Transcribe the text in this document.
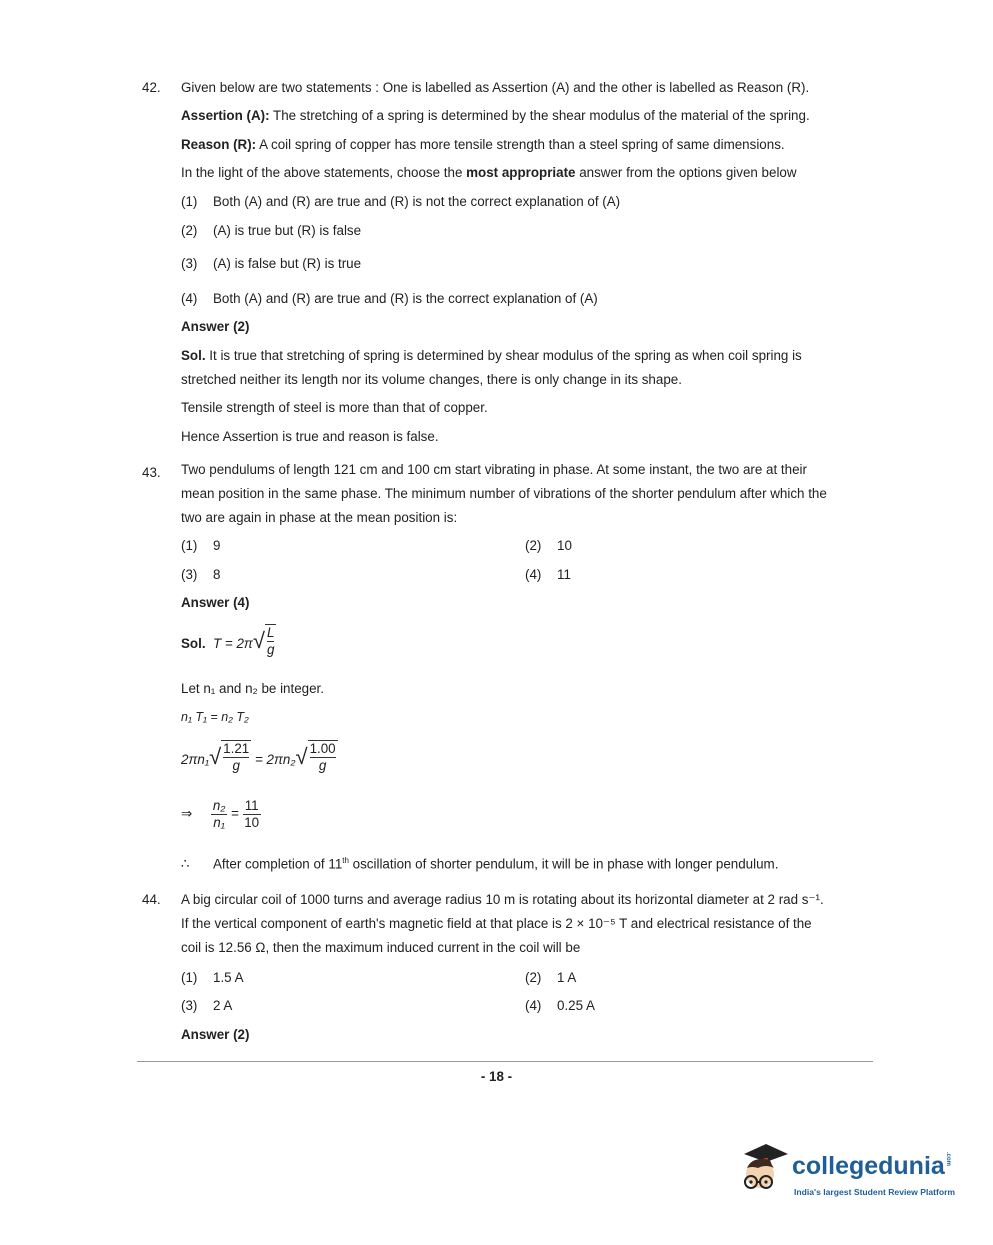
42. Given below are two statements : One is labelled as Assertion (A) and the other is labelled as Reason (R).
Assertion (A): The stretching of a spring is determined by the shear modulus of the material of the spring.
Reason (R): A coil spring of copper has more tensile strength than a steel spring of same dimensions.
In the light of the above statements, choose the most appropriate answer from the options given below
(1) Both (A) and (R) are true and (R) is not the correct explanation of (A)
(2) (A) is true but (R) is false
(3) (A) is false but (R) is true
(4) Both (A) and (R) are true and (R) is the correct explanation of (A)
Answer (2)
Sol. It is true that stretching of spring is determined by shear modulus of the spring as when coil spring is
stretched neither its length nor its volume changes, there is only change in its shape.
Tensile strength of steel is more than that of copper.
Hence Assertion is true and reason is false.
43. Two pendulums of length 121 cm and 100 cm start vibrating in phase. At some instant, the two are at their
mean position in the same phase. The minimum number of vibrations of the shorter pendulum after which the
two are again in phase at the mean position is:
(1) 9	(2) 10
(3) 8	(4) 11
Answer (4)
Sol. T = 2π √ L
g
Let n₁ and n₂ be integer.
n₁ T₁ = n₂ T₂
2πn₁ √ 1.21
g	= 2πn₂ √ 1.00
g
⇒ $\frac{\text{n₂}}{\text{n₁}} = \frac{11}{10}$
∴ After completion of 11th oscillation of shorter pendulum, it will be in phase with longer pendulum.
44. A big circular coil of 1000 turns and average radius 10 m is rotating about its horizontal diameter at 2 rad s⁻¹.
If the vertical component of earth's magnetic field at that place is 2 × 10⁻⁵ T and electrical resistance of the
coil is 12.56 Ω, then the maximum induced current in the coil will be
(1) 1.5 A	(2) 1 A
(3) 2 A	(4) 0.25 A
Answer (2)
- 18 -
collegedunia.com
India's largest Student Review Platform
